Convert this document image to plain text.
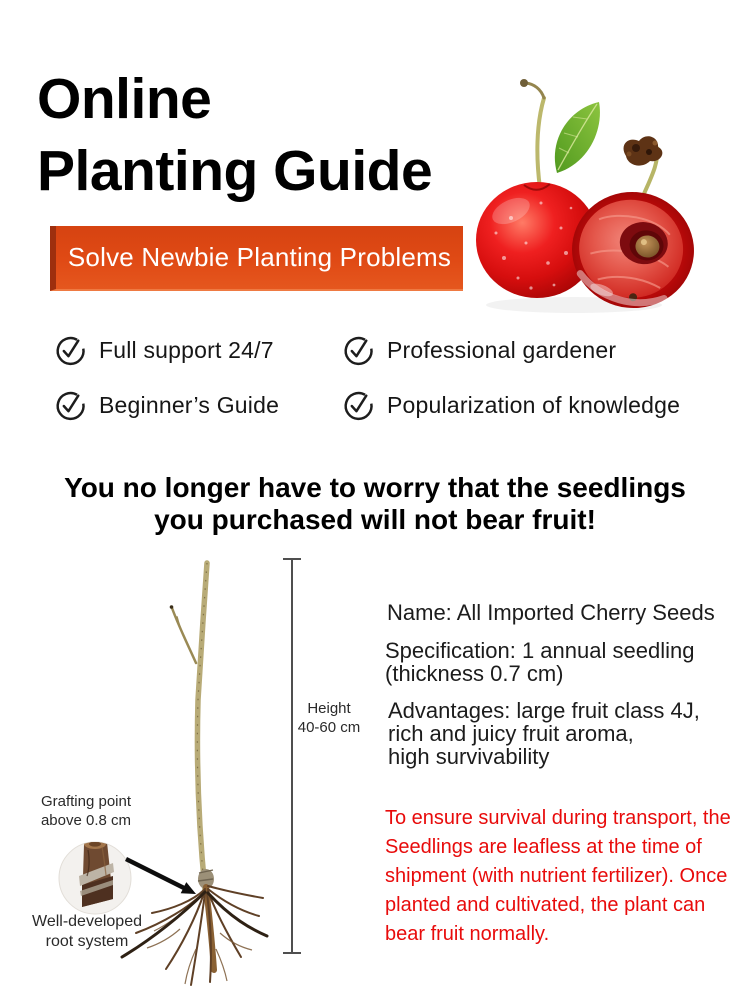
Online
Planting Guide
Solve Newbie Planting Problems
Full support 24/7	Professional gardener
Beginner’s Guide	Popularization of knowledge
You no longer have to worry that the seedlings
you purchased will not bear fruit!
Height
40-60 cm
Grafting point
above 0.8 cm
Well-developed
root system
Name: All Imported Cherry Seeds
Specification: 1 annual seedling
(thickness 0.7 cm)
Advantages: large fruit class 4J,
rich and juicy fruit aroma,
high survivability
To ensure survival during transport, the
Seedlings are leafless at the time of
shipment (with nutrient fertilizer). Once
planted and cultivated, the plant can
bear fruit normally.
